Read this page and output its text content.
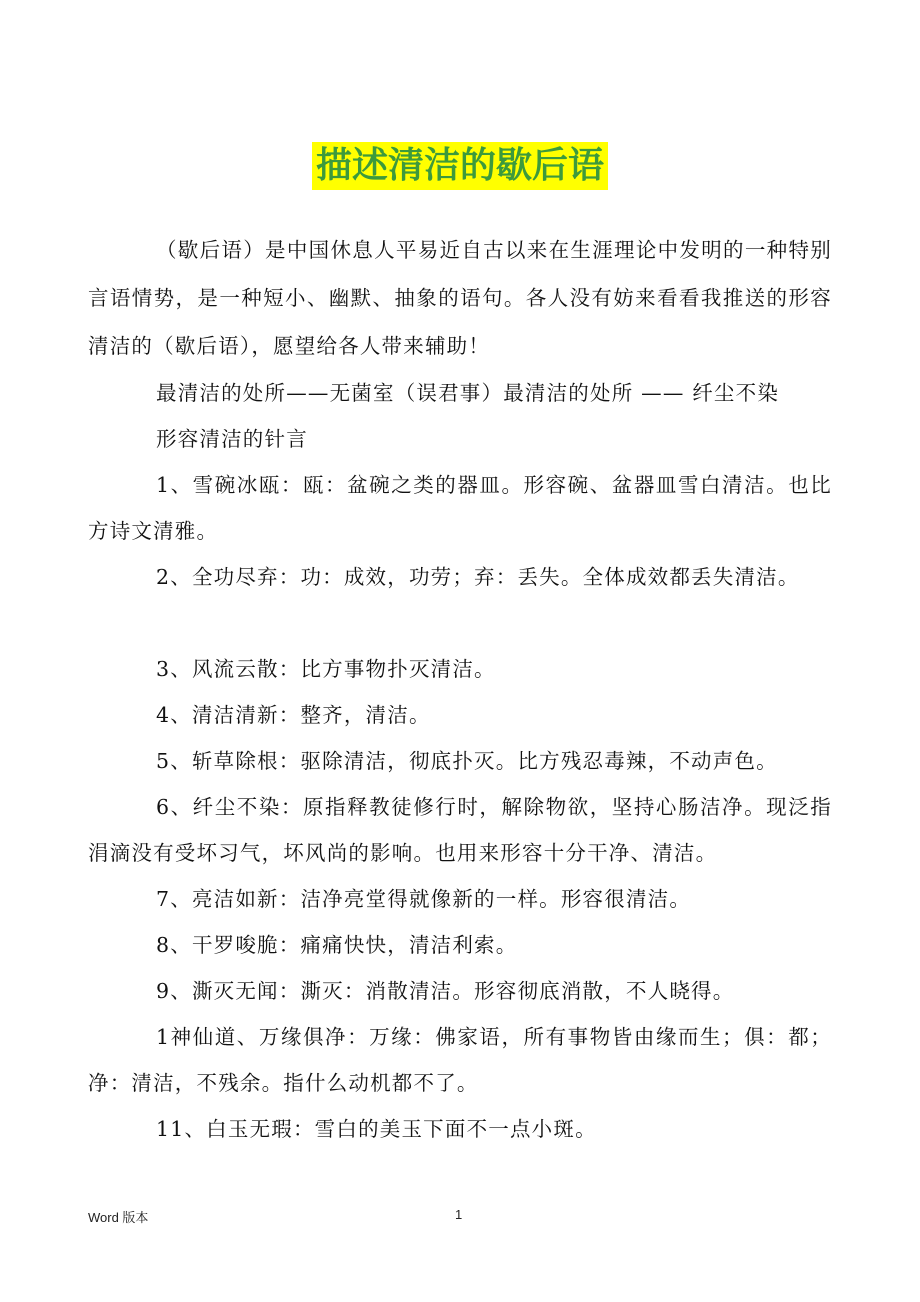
描述清洁的歇后语

（歇后语）是中国休息人平易近自古以来在生涯理论中发明的一种特别言语情势，是一种短小、幽默、抽象的语句。各人没有妨来看看我推送的形容清洁的（歇后语），愿望给各人带来辅助！

最清洁的处所——无菌室（误君事）最清洁的处所 —— 纤尘不染

形容清洁的针言

1、雪碗冰瓯：瓯：盆碗之类的器皿。形容碗、盆器皿雪白清洁。也比方诗文清雅。

2、全功尽弃：功：成效，功劳；弃：丢失。全体成效都丢失清洁。

3、风流云散：比方事物扑灭清洁。

4、清洁清新：整齐，清洁。

5、斩草除根：驱除清洁，彻底扑灭。比方残忍毒辣，不动声色。

6、纤尘不染：原指释教徒修行时，解除物欲，坚持心肠洁净。现泛指涓滴没有受坏习气，坏风尚的影响。也用来形容十分干净、清洁。

7、亮洁如新：洁净亮堂得就像新的一样。形容很清洁。

8、干罗唆脆：痛痛快快，清洁利索。

9、澌灭无闻：澌灭：消散清洁。形容彻底消散，不人晓得。

1神仙道、万缘俱净：万缘：佛家语，所有事物皆由缘而生；俱：都；净：清洁，不残余。指什么动机都不了。

11、白玉无瑕：雪白的美玉下面不一点小斑。

Word 版本	1
